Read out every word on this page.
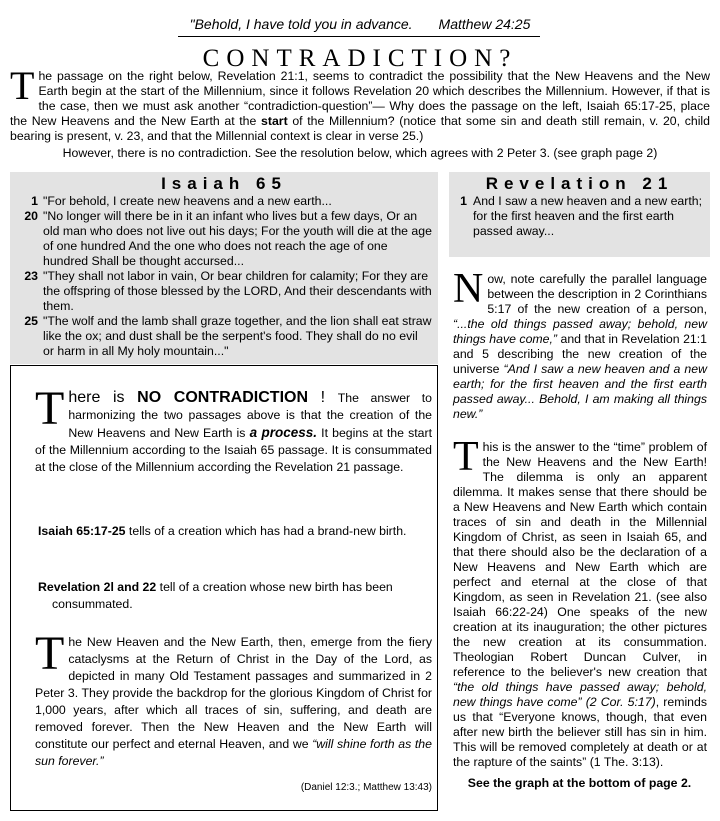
"Behold, I have told you in advance. Matthew 24:25
CONTRADICTION?
The passage on the right below, Revelation 21:1, seems to contradict the possibility that the New Heavens and the New Earth begin at the start of the Millennium, since it follows Revelation 20 which describes the Millennium. However, if that is the case, then we must ask another “contradiction-question”— Why does the passage on the left, Isaiah 65:17-25, place the New Heavens and the New Earth at the start of the Millennium? (notice that some sin and death still remain, v. 20, child bearing is present, v. 23, and that the Millennial context is clear in verse 25.)
However, there is no contradiction. See the resolution below, which agrees with 2 Peter 3. (see graph page 2)
Isaiah 65
1 "For behold, I create new heavens and a new earth...
20 "No longer will there be in it an infant who lives but a few days, Or an old man who does not live out his days; For the youth will die at the age of one hundred And the one who does not reach the age of one hundred Shall be thought accursed...
23 "They shall not labor in vain, Or bear children for calamity; For they are the offspring of those blessed by the LORD, And their descendants with them.
25 "The wolf and the lamb shall graze together, and the lion shall eat straw like the ox; and dust shall be the serpent's food. They shall do no evil or harm in all My holy mountain..."
Revelation 21
1 And I saw a new heaven and a new earth; for the first heaven and the first earth passed away...
There is NO CONTRADICTION ! The answer to harmonizing the two passages above is that the creation of the New Heavens and New Earth is a process. It begins at the start of the Millennium according to the Isaiah 65 passage. It is consummated at the close of the Millennium according the Revelation 21 passage.
Isaiah 65:17-25 tells of a creation which has had a brand-new birth.
Revelation 2l and 22 tell of a creation whose new birth has been consummated.
The New Heaven and the New Earth, then, emerge from the fiery cataclysms at the Return of Christ in the Day of the Lord, as depicted in many Old Testament passages and summarized in 2 Peter 3. They provide the backdrop for the glorious Kingdom of Christ for 1,000 years, after which all traces of sin, suffering, and death are removed forever. Then the New Heaven and the New Earth will constitute our perfect and eternal Heaven, and we “will shine forth as the sun forever.”
(Daniel 12:3.; Matthew 13:43)

Now, note carefully the parallel language between the description in 2 Corinthians 5:17 of the new creation of a person, “...the old things passed away; behold, new things have come,” and that in Revelation 21:1 and 5 describing the new creation of the universe “And I saw a new heaven and a new earth; for the first heaven and the first earth passed away... Behold, I am making all things new.”

This is the answer to the “time” problem of the New Heavens and the New Earth! The dilemma is only an apparent dilemma. It makes sense that there should be a New Heavens and New Earth which contain traces of sin and death in the Millennial Kingdom of Christ, as seen in Isaiah 65, and that there should also be the declaration of a New Heavens and New Earth which are perfect and eternal at the close of that Kingdom, as seen in Revelation 21. (see also Isaiah 66:22-24) One speaks of the new creation at its inauguration; the other pictures the new creation at its consummation. Theologian Robert Duncan Culver, in reference to the believer's new creation that “the old things have passed away; behold, new things have come” (2 Cor. 5:17), reminds us that “Everyone knows, though, that even after new birth the believer still has sin in him. This will be removed completely at death or at the rapture of the saints” (1 The. 3:13).

See the graph at the bottom of page 2.
